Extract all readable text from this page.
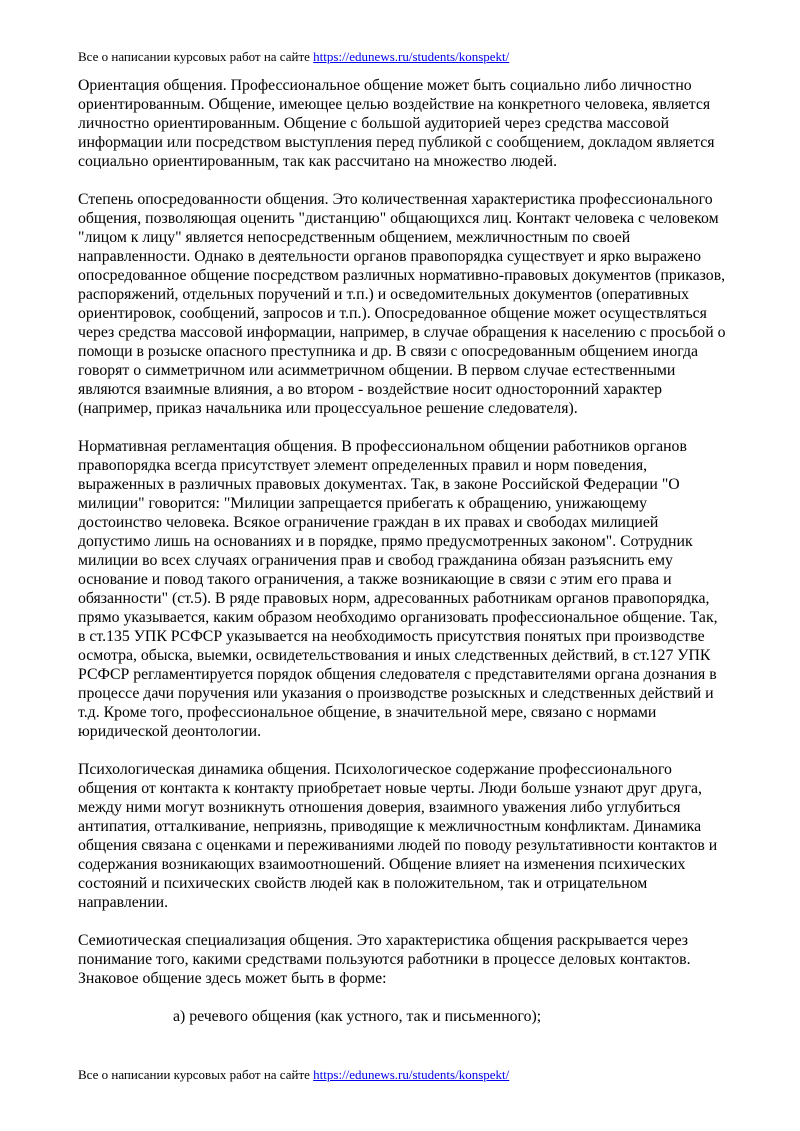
Все о написании курсовых работ на сайте https://edunews.ru/students/konspekt/

Ориентация общения. Профессиональное общение может быть социально либо личностно ориентированным. Общение, имеющее целью воздействие на конкретного человека, является личностно ориентированным. Общение с большой аудиторией через средства массовой информации или посредством выступления перед публикой с сообщением, докладом является социально ориентированным, так как рассчитано на множество людей.

Степень опосредованности общения. Это количественная характеристика профессионального общения, позволяющая оценить "дистанцию" общающихся лиц. Контакт человека с человеком "лицом к лицу" является непосредственным общением, межличностным по своей направленности. Однако в деятельности органов правопорядка существует и ярко выражено опосредованное общение посредством различных нормативно-правовых документов (приказов, распоряжений, отдельных поручений и т.п.) и осведомительных документов (оперативных ориентировок, сообщений, запросов и т.п.). Опосредованное общение может осуществляться через средства массовой информации, например, в случае обращения к населению с просьбой о помощи в розыске опасного преступника и др. В связи с опосредованным общением иногда говорят о симметричном или асимметричном общении. В первом случае естественными являются взаимные влияния, а во втором - воздействие носит односторонний характер (например, приказ начальника или процессуальное решение следователя).

Нормативная регламентация общения. В профессиональном общении работников органов правопорядка всегда присутствует элемент определенных правил и норм поведения, выраженных в различных правовых документах. Так, в законе Российской Федерации "О милиции" говорится: "Милиции запрещается прибегать к обращению, унижающему достоинство человека. Всякое ограничение граждан в их правах и свободах милицией допустимо лишь на основаниях и в порядке, прямо предусмотренных законом". Сотрудник милиции во всех случаях ограничения прав и свобод гражданина обязан разъяснить ему основание и повод такого ограничения, а также возникающие в связи с этим его права и обязанности" (ст.5). В ряде правовых норм, адресованных работникам органов правопорядка, прямо указывается, каким образом необходимо организовать профессиональное общение. Так, в ст.135 УПК РСФСР указывается на необходимость присутствия понятых при производстве осмотра, обыска, выемки, освидетельствования и иных следственных действий, в ст.127 УПК РСФСР регламентируется порядок общения следователя с представителями органа дознания в процессе дачи поручения или указания о производстве розыскных и следственных действий и т.д. Кроме того, профессиональное общение, в значительной мере, связано с нормами юридической деонтологии.

Психологическая динамика общения. Психологическое содержание профессионального общения от контакта к контакту приобретает новые черты. Люди больше узнают друг друга, между ними могут возникнуть отношения доверия, взаимного уважения либо углубиться антипатия, отталкивание, неприязнь, приводящие к межличностным конфликтам. Динамика общения связана с оценками и переживаниями людей по поводу результативности контактов и содержания возникающих взаимоотношений. Общение влияет на изменения психических состояний и психических свойств людей как в положительном, так и отрицательном направлении.

Семиотическая специализация общения. Это характеристика общения раскрывается через понимание того, какими средствами пользуются работники в процессе деловых контактов. Знаковое общение здесь может быть в форме:

а) речевого общения (как устного, так и письменного);

Все о написании курсовых работ на сайте https://edunews.ru/students/konspekt/
